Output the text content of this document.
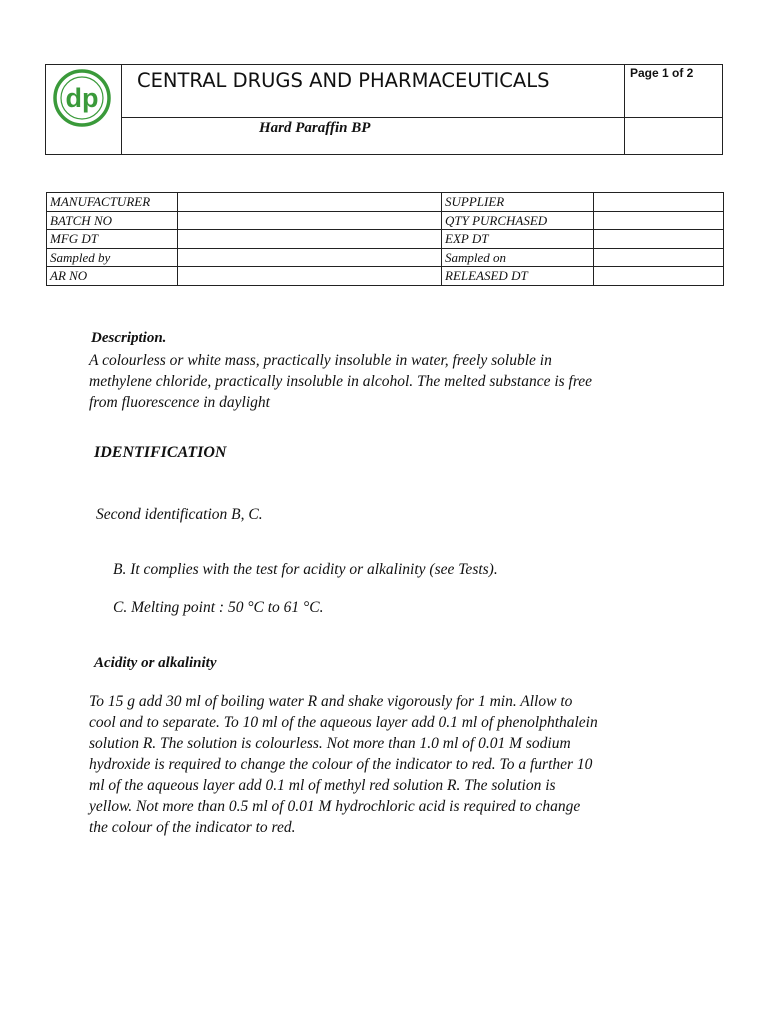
dp
CENTRAL DRUGS AND PHARMACEUTICALS	Page 1 of 2
Hard Paraffin BP
MANUFACTURER		SUPPLIER	
BATCH NO		QTY PURCHASED	
MFG DT		EXP DT	
Sampled by		Sampled on	
AR NO		RELEASED DT	
Description.
A colourless or white mass, practically insoluble in water, freely soluble in
methylene chloride, practically insoluble in alcohol. The melted substance is free
from fluorescence in daylight
IDENTIFICATION
Second identification B, C.
B. It complies with the test for acidity or alkalinity (see Tests).
C. Melting point : 50 °C to 61 °C.
Acidity or alkalinity
To 15 g add 30 ml of boiling water R and shake vigorously for 1 min. Allow to
cool and to separate. To 10 ml of the aqueous layer add 0.1 ml of phenolphthalein
solution R. The solution is colourless. Not more than 1.0 ml of 0.01 M sodium
hydroxide is required to change the colour of the indicator to red. To a further 10
ml of the aqueous layer add 0.1 ml of methyl red solution R. The solution is
yellow. Not more than 0.5 ml of 0.01 M hydrochloric acid is required to change
the colour of the indicator to red.
